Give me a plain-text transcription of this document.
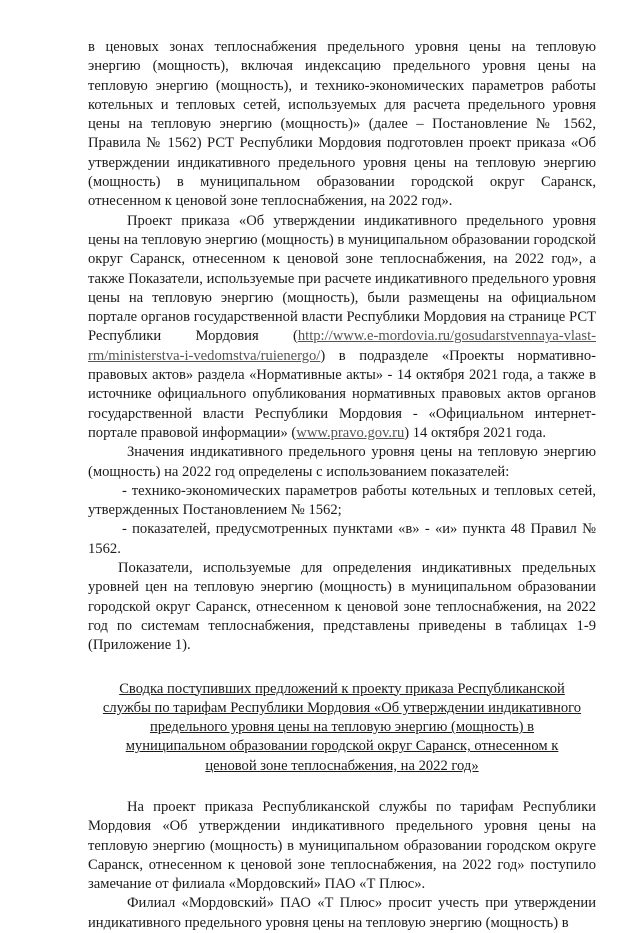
в ценовых зонах теплоснабжения предельного уровня цены на тепловую энергию (мощность), включая индексацию предельного уровня цены на тепловую энергию (мощность), и технико-экономических параметров работы котельных и тепловых сетей, используемых для расчета предельного уровня цены на тепловую энергию (мощность)» (далее – Постановление № 1562, Правила № 1562) РСТ Республики Мордовия подготовлен проект приказа «Об утверждении индикативного предельного уровня цены на тепловую энергию (мощность) в муниципальном образовании городской округ Саранск, отнесенном к ценовой зоне теплоснабжения, на 2022 год».

Проект приказа «Об утверждении индикативного предельного уровня цены на тепловую энергию (мощность) в муниципальном образовании городской округ Саранск, отнесенном к ценовой зоне теплоснабжения, на 2022 год», а также Показатели, используемые при расчете индикативного предельного уровня цены на тепловую энергию (мощность), были размещены на официальном портале органов государственной власти Республики Мордовия на странице РСТ Республики Мордовия (http://www.e-mordovia.ru/gosudarstvennaya-vlast-rm/ministerstva-i-vedomstva/ruienergo/) в подразделе «Проекты нормативно-правовых актов» раздела «Нормативные акты» - 14 октября 2021 года, а также в источнике официального опубликования нормативных правовых актов органов государственной власти Республики Мордовия - «Официальном интернет-портале правовой информации» (www.pravo.gov.ru) 14 октября 2021 года.

Значения индикативного предельного уровня цены на тепловую энергию (мощность) на 2022 год определены с использованием показателей:

- технико-экономических параметров работы котельных и тепловых сетей, утвержденных Постановлением № 1562;

- показателей, предусмотренных пунктами «в» - «и» пункта 48 Правил № 1562.

Показатели, используемые для определения индикативных предельных уровней цен на тепловую энергию (мощность) в муниципальном образовании городской округ Саранск, отнесенном к ценовой зоне теплоснабжения, на 2022 год по системам теплоснабжения, представлены приведены в таблицах 1-9 (Приложение 1).

Сводка поступивших предложений к проекту приказа Республиканской службы по тарифам Республики Мордовия «Об утверждении индикативного предельного уровня цены на тепловую энергию (мощность) в муниципальном образовании городской округ Саранск, отнесенном к ценовой зоне теплоснабжения, на 2022 год»

На проект приказа Республиканской службы по тарифам Республики Мордовия «Об утверждении индикативного предельного уровня цены на тепловую энергию (мощность) в муниципальном образовании городском округе Саранск, отнесенном к ценовой зоне теплоснабжения, на 2022 год» поступило замечание от филиала «Мордовский» ПАО «Т Плюс».

Филиал «Мордовский» ПАО «Т Плюс» просит учесть при утверждении индикативного предельного уровня цены на тепловую энергию (мощность) в
